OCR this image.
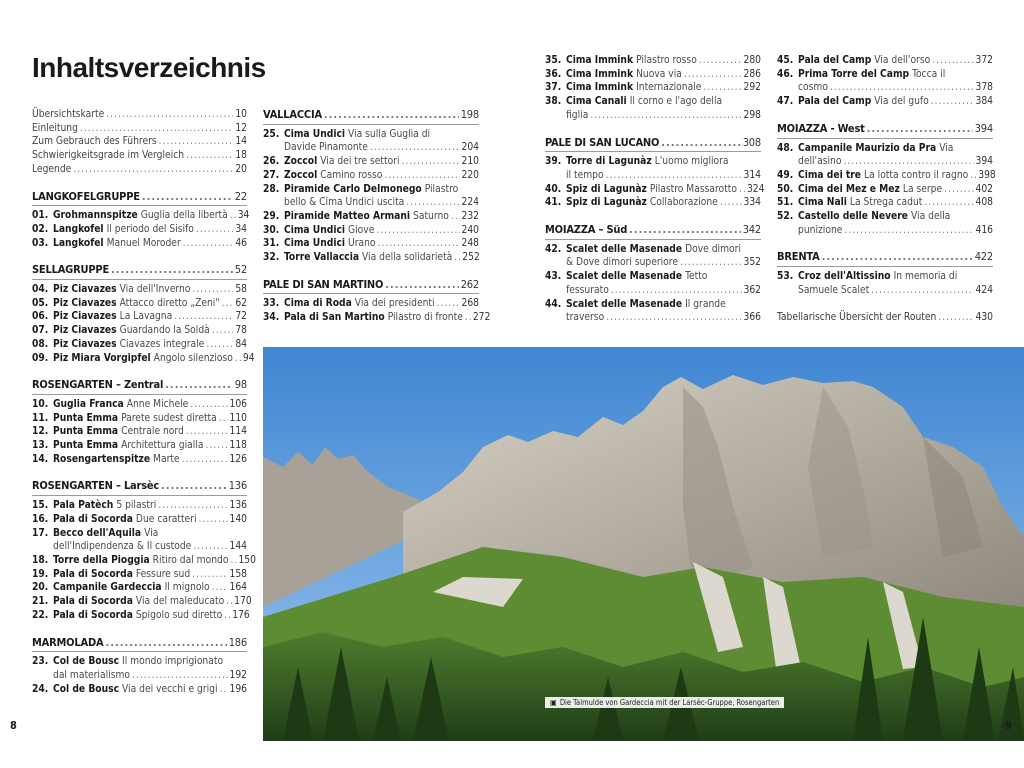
Inhaltsverzeichnis
Übersichtskarte .....	10
Einleitung .....	12
Zum Gebrauch des Führers .....	14
Schwierigkeitsgrade im Vergleich .....	18
Legende .....	20
LANGKOFELGRUPPE .....	22
01. Grohmannspitze Guglia della libertà ..... 34
02. Langkofel Il periodo del Sisifo .....	34
03. Langkofel Manuel Moroder .....	46
SELLAGRUPPE .....	52
04. Piz Ciavazes Via dell'Inverno .....	58
05. Piz Ciavazes Attacco diretto „Zeni" ..... 62
06. Piz Ciavazes La Lavagna .....	72
07. Piz Ciavazes Guardando la Soldà .....	78
08. Piz Ciavazes Ciavazes integrale .....	84
09. Piz Miara Vorgipfel Angolo silenzioso ..... 94
ROSENGARTEN – Zentral .....	98
10. Guglia Franca Anne Michele .....	106
11. Punta Emma Parete sudest diretta ..... 110
12. Punta Emma Centrale nord .....	114
13. Punta Emma Architettura gialla .....	118
14. Rosengartenspitze Marte .....	126
ROSENGARTEN – Larsèc .....	136
15. Pala Patèch 5 pilastri .....	136
16. Pala di Socorda Due caratteri .....	140
17. Becco dell'Aquila Via
dell'Indipendenza & Il custode .....	144
18. Torre della Pioggia Ritiro dal mondo ..... 150
19. Pala di Socorda Fessure sud .....	158
20. Campanile Gardeccia Il mignolo ..... 164
21. Pala di Socorda Via del maleducato ..... 170
22. Pala di Socorda Spigolo sud diretto ..... 176
MARMOLADA .....	186
23. Col de Bousc Il mondo imprigionato
dal materialismo .....	192
24. Col de Bousc Via dei vecchi e grigi ..... 196
VALLACCIA .....	198
25. Cima Undici Via sulla Guglia di
Davide Pinamonte .....	204
26. Zoccol Via dei tre settori .....	210
27. Zoccol Camino rosso .....	220
28. Piramide Carlo Delmonego Pilastro
bello & Cima Undici uscita .....	224
29. Piramide Matteo Armani Saturno ..... 232
30. Cima Undici Giove .....	240
31. Cima Undici Urano .....	248
32. Torre Vallaccia Via della solidarietà ..... 252
PALE DI SAN MARTINO .....	262
33. Cima di Roda Via dei presidenti .....	268
34. Pala di San Martino Pilastro di fronte ..... 272
35. Cima Immink Pilastro rosso .....	280
36. Cima Immink Nuova via .....	286
37. Cima Immink Internazionale .....	292
38. Cima Canali Il corno e l'ago della
figlia .....	298
PALE DI SAN LUCANO .....	308
39. Torre di Lagunàz L'uomo migliora
il tempo .....	314
40. Spiz di Lagunàz Pilastro Massarotto ..... 324
41. Spiz di Lagunàz Collaborazione .....	334
MOIAZZA – Süd .....	342
42. Scalet delle Masenade Dove dimori
& Dove dimori superiore .....	352
43. Scalet delle Masenade Tetto
fessurato .....	362
44. Scalet delle Masenade Il grande
traverso .....	366
45. Pala del Camp Via dell'orso .....	372
46. Prima Torre del Camp Tocca il
cosmo .....	378
47. Pala del Camp Via del gufo .....	384
MOIAZZA - West .....	394
48. Campanile Maurizio da Pra Via
dell'asino .....	394
49. Cima dei tre La lotta contro il ragno ..... 398
50. Cima dei Mez e Mez La serpe .....	402
51. Cima Nali La Strega cadut .....	408
52. Castello delle Nevere Via della
punizione .....	416
BRENTA .....	422
53. Croz dell'Altissino In memoria di
Samuele Scalet .....	424
Tabellarische Übersicht der Routen .....	430
▣ Die Talmulde von Gardeccia mit der Larsèc-Gruppe, Rosengarten
8	9
